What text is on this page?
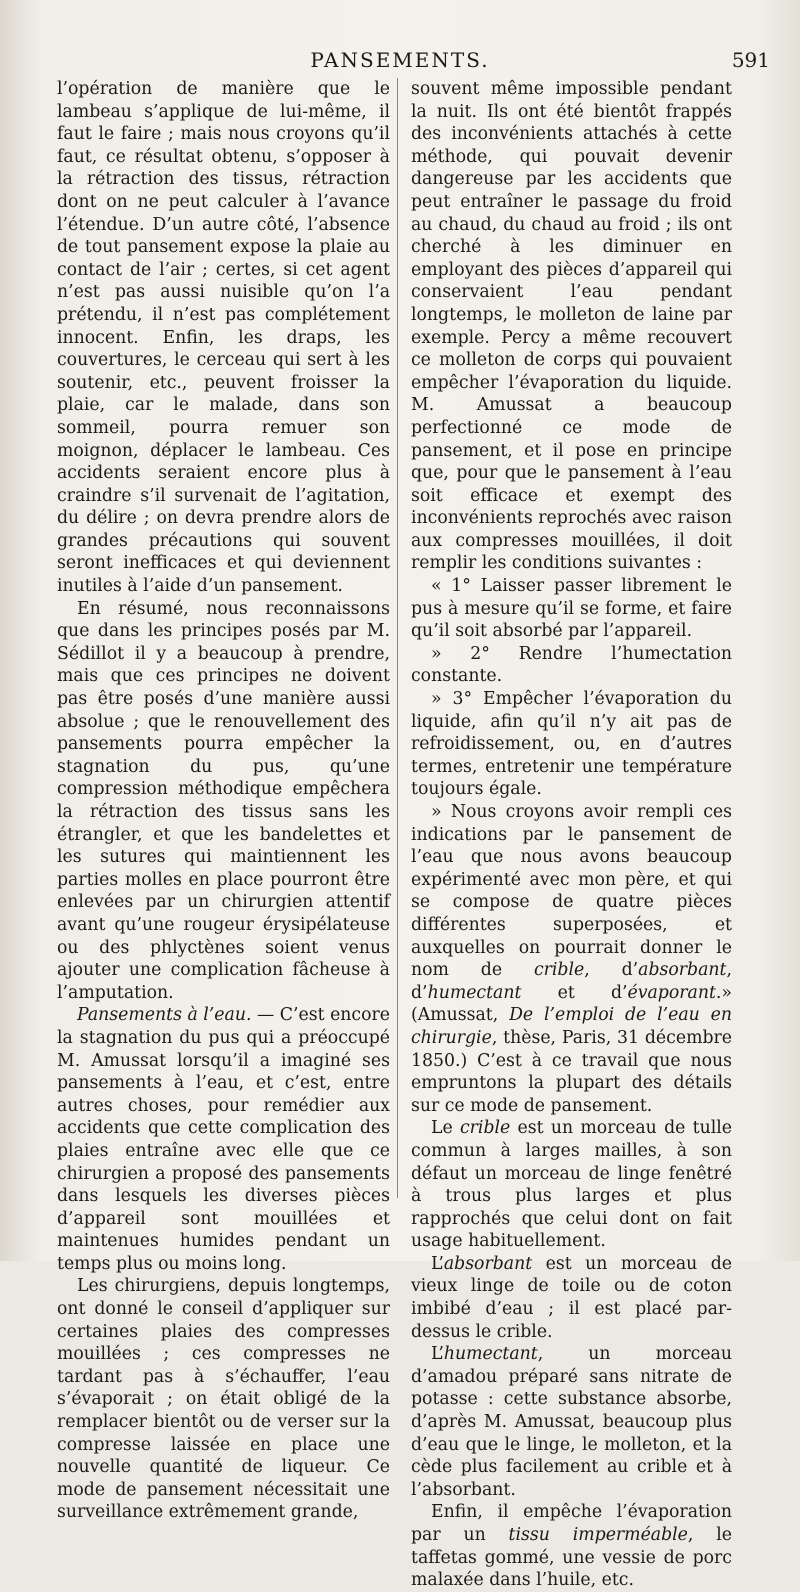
PANSEMENTS.	591

l’opération de manière que le lambeau s’applique de lui-même, il faut le faire ; mais nous croyons qu’il faut, ce résultat obtenu, s’opposer à la rétraction des tissus, rétraction dont on ne peut calculer à l’avance l’étendue. D’un autre côté, l’absence de tout pansement expose la plaie au contact de l’air ; certes, si cet agent n’est pas aussi nuisible qu’on l’a prétendu, il n’est pas complétement innocent. Enfin, les draps, les couvertures, le cerceau qui sert à les soutenir, etc., peuvent froisser la plaie, car le malade, dans son sommeil, pourra remuer son moignon, déplacer le lambeau. Ces accidents seraient encore plus à craindre s’il survenait de l’agitation, du délire ; on devra prendre alors de grandes précautions qui souvent seront inefficaces et qui deviennent inutiles à l’aide d’un pansement.

En résumé, nous reconnaissons que dans les principes posés par M. Sédillot il y a beaucoup à prendre, mais que ces principes ne doivent pas être posés d’une manière aussi absolue ; que le renouvellement des pansements pourra empêcher la stagnation du pus, qu’une compression méthodique empêchera la rétraction des tissus sans les étrangler, et que les bandelettes et les sutures qui maintiennent les parties molles en place pourront être enlevées par un chirurgien attentif avant qu’une rougeur érysipélateuse ou des phlyctènes soient venus ajouter une complication fâcheuse à l’amputation.

Pansements à l’eau. — C’est encore la stagnation du pus qui a préoccupé M. Amussat lorsqu’il a imaginé ses pansements à l’eau, et c’est, entre autres choses, pour remédier aux accidents que cette complication des plaies entraîne avec elle que ce chirurgien a proposé des pansements dans lesquels les diverses pièces d’appareil sont mouillées et maintenues humides pendant un temps plus ou moins long.

Les chirurgiens, depuis longtemps, ont donné le conseil d’appliquer sur certaines plaies des compresses mouillées ; ces compresses ne tardant pas à s’échauffer, l’eau s’évaporait ; on était obligé de la remplacer bientôt ou de verser sur la compresse laissée en place une nouvelle quantité de liqueur. Ce mode de pansement nécessitait une surveillance extrêmement grande,

souvent même impossible pendant la nuit. Ils ont été bientôt frappés des inconvénients attachés à cette méthode, qui pouvait devenir dangereuse par les accidents que peut entraîner le passage du froid au chaud, du chaud au froid ; ils ont cherché à les diminuer en employant des pièces d’appareil qui conservaient l’eau pendant longtemps, le molleton de laine par exemple. Percy a même recouvert ce molleton de corps qui pouvaient empêcher l’évaporation du liquide. M. Amussat a beaucoup perfectionné ce mode de pansement, et il pose en principe que, pour que le pansement à l’eau soit efficace et exempt des inconvénients reprochés avec raison aux compresses mouillées, il doit remplir les conditions suivantes :

« 1° Laisser passer librement le pus à mesure qu’il se forme, et faire qu’il soit absorbé par l’appareil.

» 2° Rendre l’humectation constante.

» 3° Empêcher l’évaporation du liquide, afin qu’il n’y ait pas de refroidissement, ou, en d’autres termes, entretenir une température toujours égale.

» Nous croyons avoir rempli ces indications par le pansement de l’eau que nous avons beaucoup expérimenté avec mon père, et qui se compose de quatre pièces différentes superposées, et auxquelles on pourrait donner le nom de crible, d’absorbant, d’humectant et d’évaporant.» (Amussat, De l’emploi de l’eau en chirurgie, thèse, Paris, 31 décembre 1850.) C’est à ce travail que nous empruntons la plupart des détails sur ce mode de pansement.

Le crible est un morceau de tulle commun à larges mailles, à son défaut un morceau de linge fenêtré à trous plus larges et plus rapprochés que celui dont on fait usage habituellement.

L’absorbant est un morceau de vieux linge de toile ou de coton imbibé d’eau ; il est placé par-dessus le crible.

L’humectant, un morceau d’amadou préparé sans nitrate de potasse : cette substance absorbe, d’après M. Amussat, beaucoup plus d’eau que le linge, le molleton, et la cède plus facilement au crible et à l’absorbant.

Enfin, il empêche l’évaporation par un tissu imperméable, le taffetas gommé, une vessie de porc malaxée dans l’huile, etc.
